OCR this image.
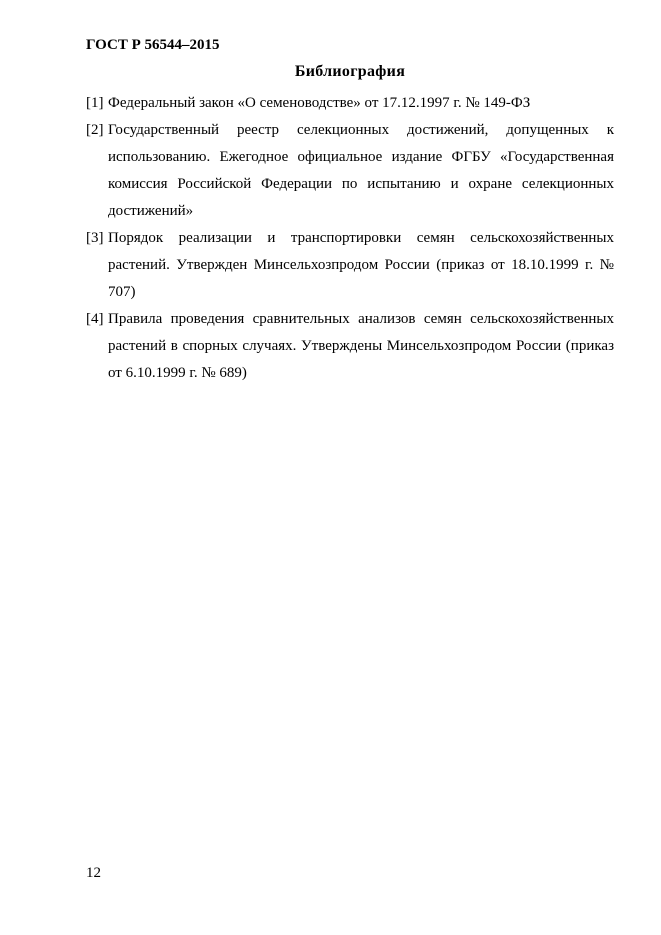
ГОСТ Р 56544–2015
Библиография
[1] Федеральный закон «О семеноводстве» от 17.12.1997 г. № 149-ФЗ
[2] Государственный реестр селекционных достижений, допущенных к использованию. Ежегодное официальное издание ФГБУ «Государственная комиссия Российской Федерации по испытанию и охране селекционных достижений»
[3] Порядок реализации и транспортировки семян сельскохозяйственных растений. Утвержден Минсельхозпродом России (приказ от 18.10.1999 г. № 707)
[4] Правила проведения сравнительных анализов семян сельскохозяйственных растений в спорных случаях. Утверждены Минсельхозпродом России (приказ от 6.10.1999 г. № 689)
12
